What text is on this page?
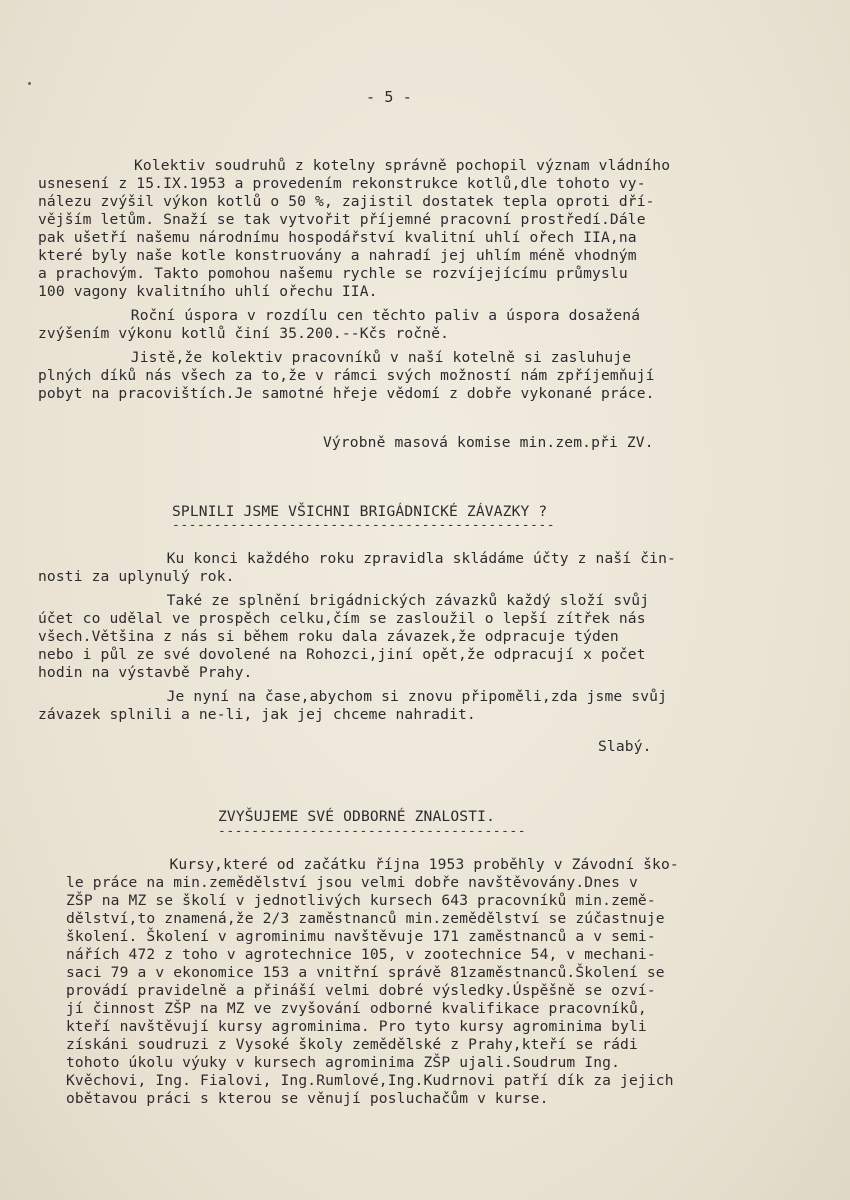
- 5 -
Kolektiv soudruhů z kotelny správně pochopil význam vládního
usnesení z 15.IX.1953 a provedením rekonstrukce kotlů,dle tohoto vy-
nálezu zvýšil výkon kotlů o 50 %, zajistil dostatek tepla oproti dří-
vějším letům. Snaží se tak vytvořit příjemné pracovní prostředí.Dále
pak ušetří našemu národnímu hospodářství kvalitní uhlí ořech IIA,na
které byly naše kotle konstruovány a nahradí jej uhlím méně vhodným
a prachovým. Takto pomohou našemu rychle se rozvíjejícímu průmyslu
100 vagony kvalitního uhlí ořechu IIA.
Roční úspora v rozdílu cen těchto paliv a úspora dosažená
zvýšením výkonu kotlů činí 35.200.--Kčs ročně.
Jistě,že kolektiv pracovníků v naší kotelně si zasluhuje
plných díků nás všech za to,že v rámci svých možností nám zpříjemňují
pobyt na pracovištích.Je samotné hřeje vědomí z dobře vykonané práce.
Výrobně masová komise min.zem.při ZV.
SPLNILI JSME VŠICHNI BRIGÁDNICKÉ ZÁVAZKY ?
----------------------------------------------
Ku konci každého roku zpravidla skládáme účty z naší čin-
nosti za uplynulý rok.
Také ze splnění brigádnických závazků každý složí svůj
účet co udělal ve prospěch celku,čím se zasloužil o lepší zítřek nás
všech.Většina z nás si během roku dala závazek,že odpracuje týden
nebo i půl ze své dovolené na Rohozci,jiní opět,že odpracují x počet
hodin na výstavbě Prahy.
Je nyní na čase,abychom si znovu připoměli,zda jsme svůj
závazek splnili a ne-li, jak jej chceme nahradit.
Slabý.
ZVYŠUJEME SVÉ ODBORNÉ ZNALOSTI.
-------------------------------------
Kursy,které od začátku října 1953 proběhly v Závodní ško-
le práce na min.zemědělství jsou velmi dobře navštěvovány.Dnes v
ZŠP na MZ se školí v jednotlivých kursech 643 pracovníků min.země-
dělství,to znamená,že 2/3 zaměstnanců min.zemědělství se zúčastnuje
školení. Školení v agrominimu navštěvuje 171 zaměstnanců a v semi-
nářích 472 z toho v agrotechnice 105, v zootechnice 54, v mechani-
saci 79 a v ekonomice 153 a vnitřní správě 81zaměstnanců.Školení se
provádí pravidelně a přináší velmi dobré výsledky.Úspěšně se ozví-
jí činnost ZŠP na MZ ve zvyšování odborné kvalifikace pracovníků,
kteří navštěvují kursy agrominima. Pro tyto kursy agrominima byli
získáni soudruzi z Vysoké školy zemědělské z Prahy,kteří se rádi
tohoto úkolu výuky v kursech agrominima ZŠP ujali.Soudrum Ing.
Kvěchovi, Ing. Fialovi, Ing.Rumlové,Ing.Kudrnovi patří dík za jejich
obětavou práci s kterou se věnují posluchačům v kurse.
